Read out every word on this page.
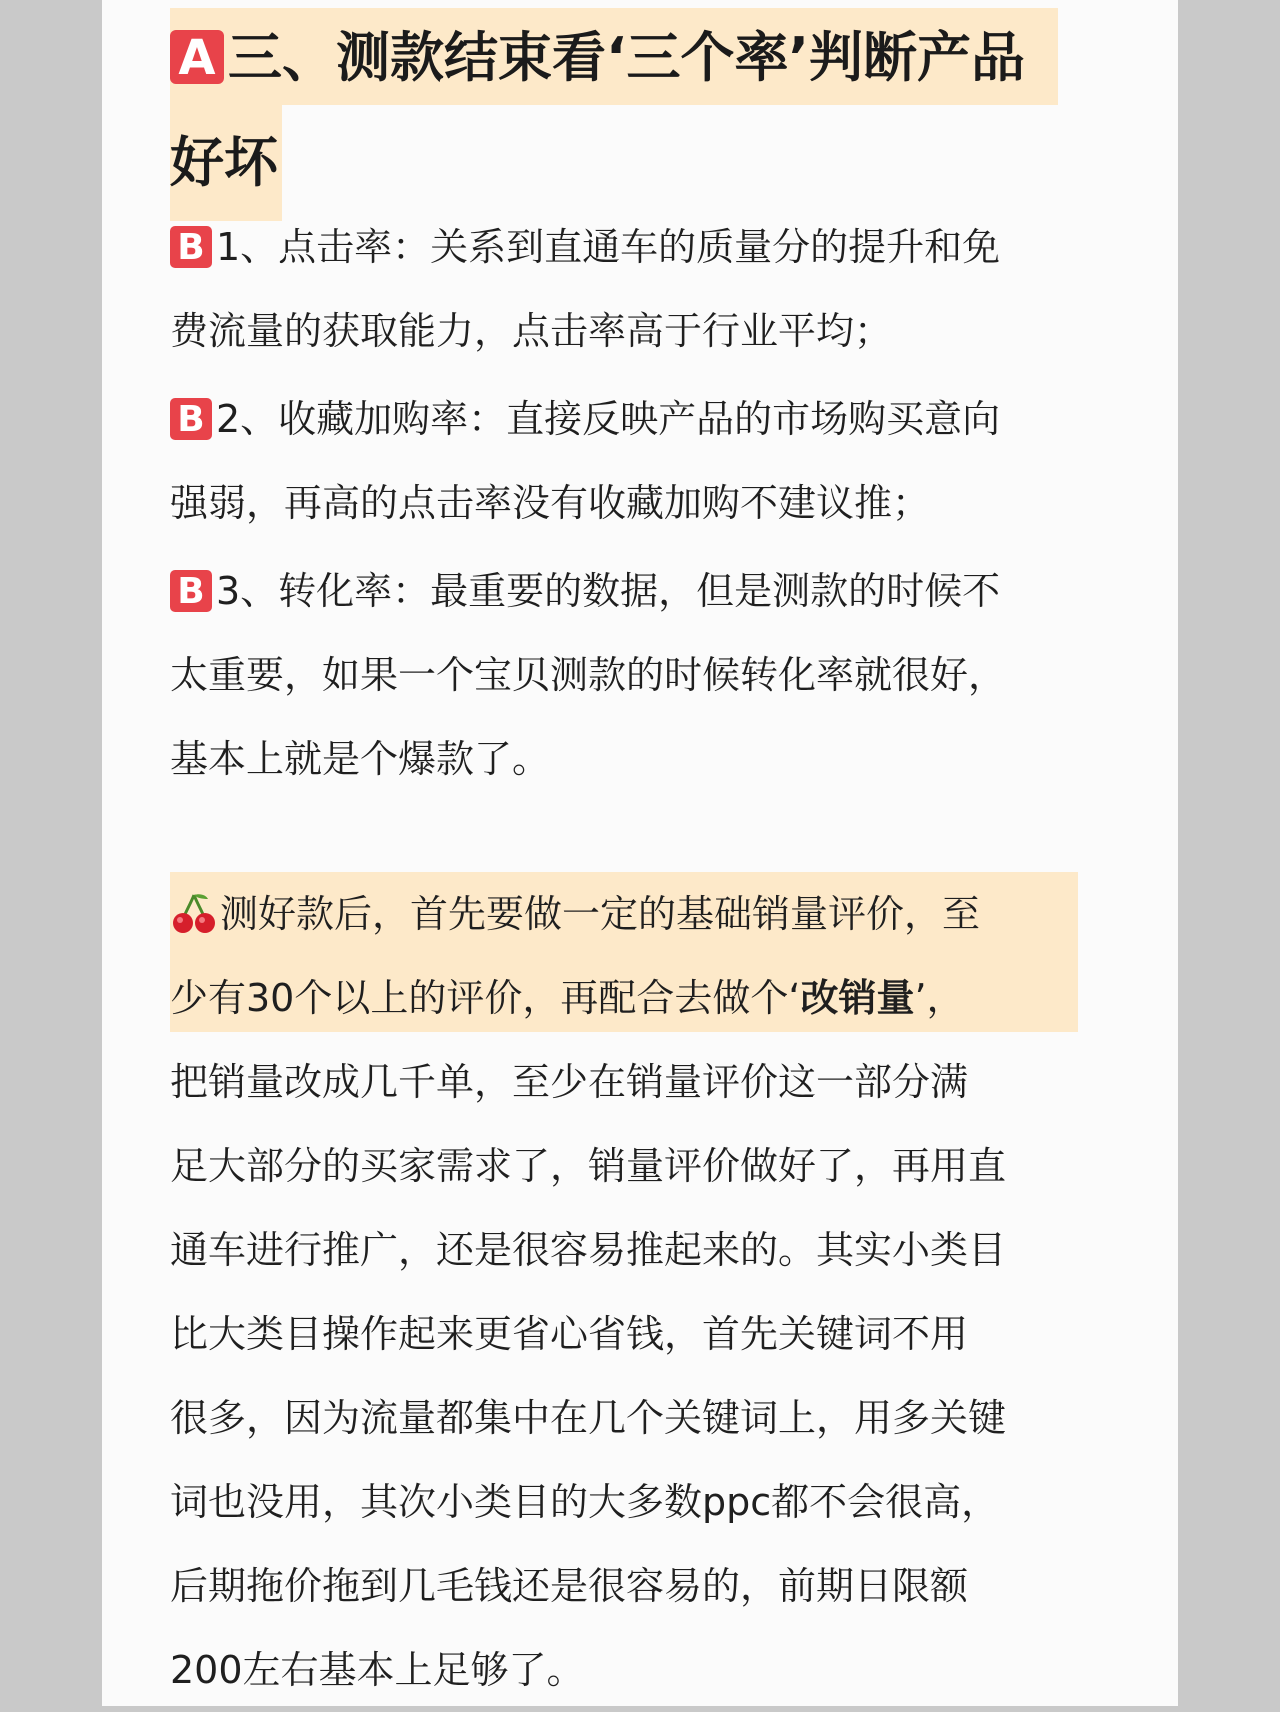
A 三、测款结束看‘三个率’判断产品
好坏
B 1、点击率：关系到直通车的质量分的提升和免
费流量的获取能力，点击率高于行业平均；
B 2、收藏加购率：直接反映产品的市场购买意向
强弱，再高的点击率没有收藏加购不建议推；
B 3、转化率：最重要的数据，但是测款的时候不
太重要，如果一个宝贝测款的时候转化率就很好，
基本上就是个爆款了。
测好款后，首先要做一定的基础销量评价，至
少有30个以上的评价，再配合去做个‘改销量’，
把销量改成几千单，至少在销量评价这一部分满
足大部分的买家需求了，销量评价做好了，再用直
通车进行推广，还是很容易推起来的。其实小类目
比大类目操作起来更省心省钱，首先关键词不用
很多，因为流量都集中在几个关键词上，用多关键
词也没用，其次小类目的大多数ppc都不会很高，
后期拖价拖到几毛钱还是很容易的，前期日限额
200左右基本上足够了。
